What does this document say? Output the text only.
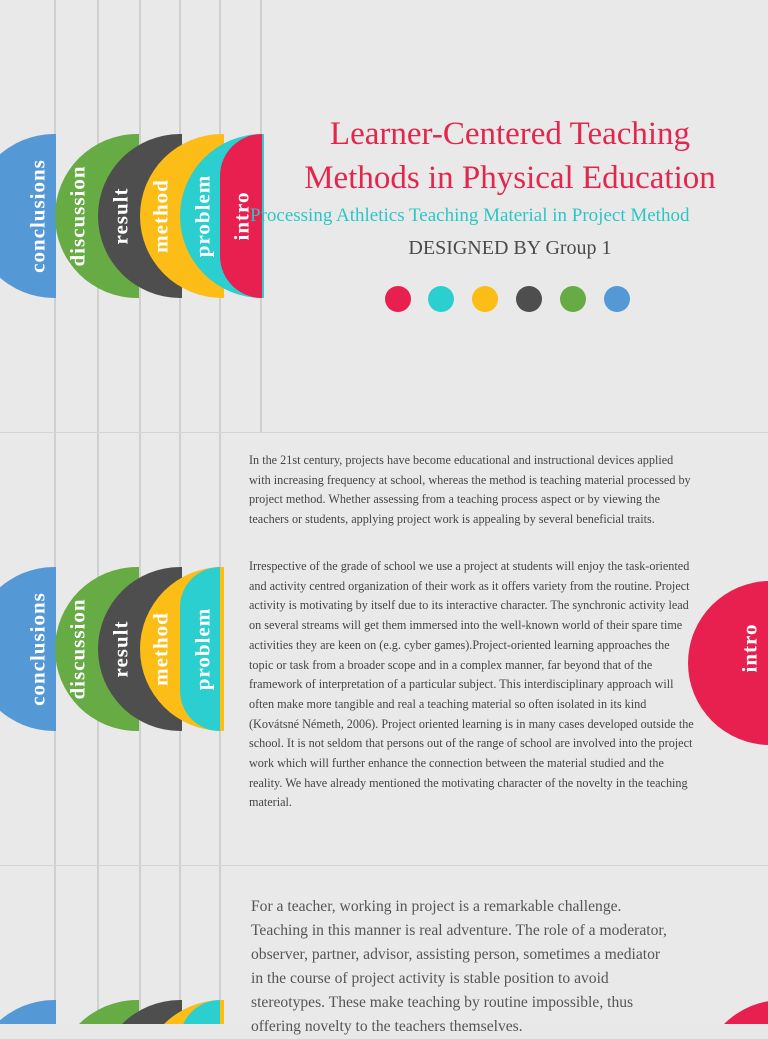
conclusions discussion result method problem intro
Learner-Centered Teaching
Methods in Physical Education
Processing Athletics Teaching Material in Project Method
DESIGNED BY Group 1
conclusions discussion result method problem	intro

In the 21st century, projects have become educational and instructional devices applied with increasing frequency at school, whereas the method is teaching material processed by project method. Whether assessing from a teaching process aspect or by viewing the teachers or students, applying project work is appealing by several beneficial traits.

Irrespective of the grade of school we use a project at students will enjoy the task-oriented and activity centred organization of their work as it offers variety from the routine. Project activity is motivating by itself due to its interactive character. The synchronic activity lead on several streams will get them immersed into the well-known world of their spare time activities they are keen on (e.g. cyber games).Project-oriented learning approaches the topic or task from a broader scope and in a complex manner, far beyond that of the framework of interpretation of a particular subject. This interdisciplinary approach will often make more tangible and real a teaching material so often isolated in its kind (Kovátsné Németh, 2006). Project oriented learning is in many cases developed outside the school. It is not seldom that persons out of the range of school are involved into the project work which will further enhance the connection between the material studied and the reality. We have already mentioned the motivating character of the novelty in the teaching material.

For a teacher, working in project is a remarkable challenge. Teaching in this manner is real adventure. The role of a moderator, observer, partner, advisor, assisting person, sometimes a mediator in the course of project activity is stable position to avoid stereotypes. These make teaching by routine impossible, thus offering novelty to the teachers themselves.
